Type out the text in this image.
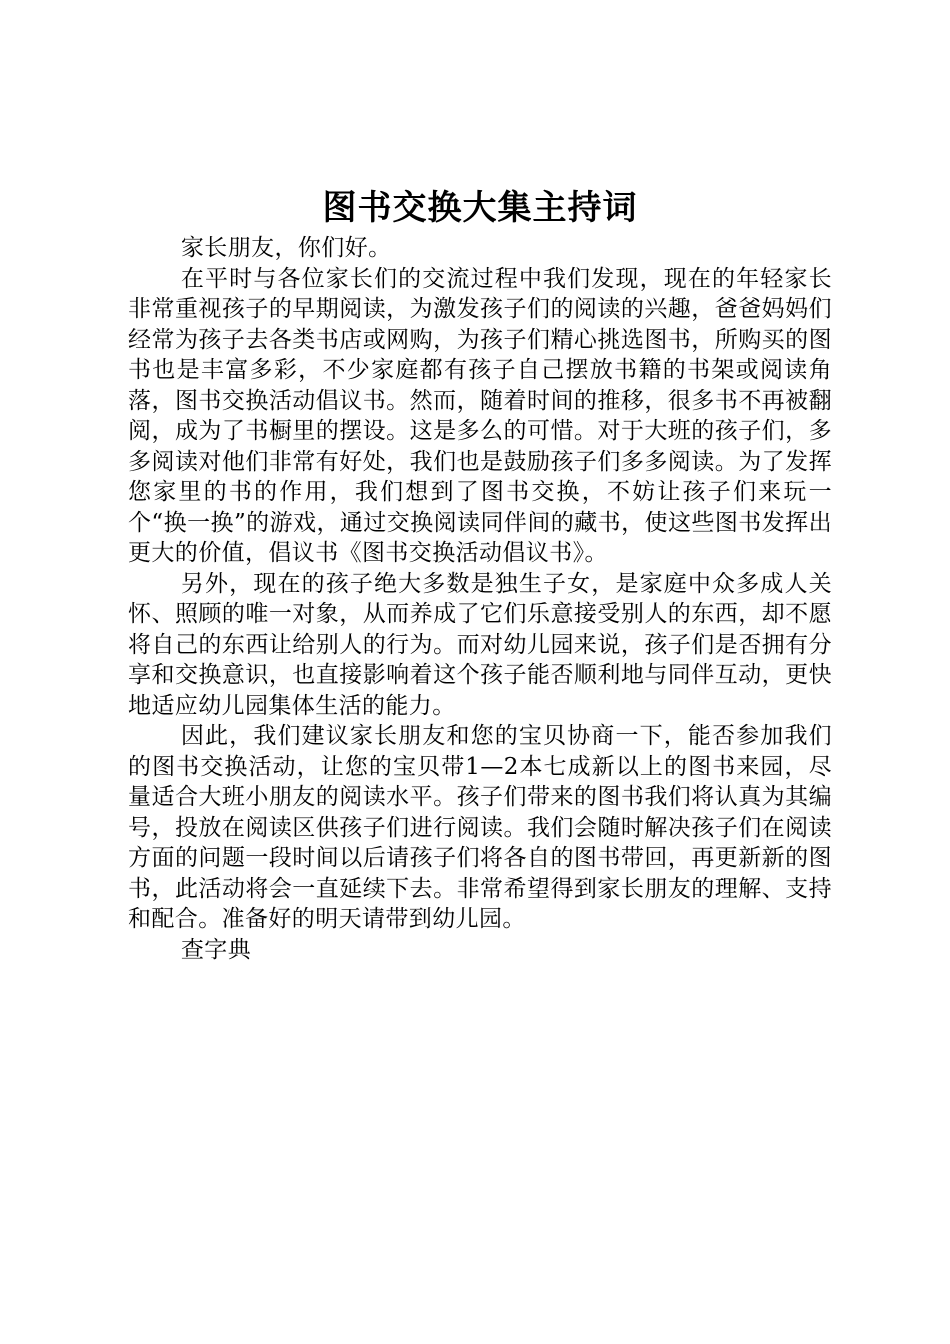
图书交换大集主持词

家长朋友，你们好。

在平时与各位家长们的交流过程中我们发现，现在的年轻家长非常重视孩子的早期阅读，为激发孩子们的阅读的兴趣，爸爸妈妈们经常为孩子去各类书店或网购，为孩子们精心挑选图书，所购买的图书也是丰富多彩，不少家庭都有孩子自己摆放书籍的书架或阅读角落，图书交换活动倡议书。然而，随着时间的推移，很多书不再被翻阅，成为了书橱里的摆设。这是多么的可惜。对于大班的孩子们，多多阅读对他们非常有好处，我们也是鼓励孩子们多多阅读。为了发挥您家里的书的作用，我们想到了图书交换，不妨让孩子们来玩一个“换一换”的游戏，通过交换阅读同伴间的藏书，使这些图书发挥出更大的价值，倡议书《图书交换活动倡议书》。

另外，现在的孩子绝大多数是独生子女，是家庭中众多成人关怀、照顾的唯一对象，从而养成了它们乐意接受别人的东西，却不愿将自己的东西让给别人的行为。而对幼儿园来说，孩子们是否拥有分享和交换意识，也直接影响着这个孩子能否顺利地与同伴互动，更快地适应幼儿园集体生活的能力。

因此，我们建议家长朋友和您的宝贝协商一下，能否参加我们的图书交换活动，让您的宝贝带1—2本七成新以上的图书来园，尽量适合大班小朋友的阅读水平。孩子们带来的图书我们将认真为其编号，投放在阅读区供孩子们进行阅读。我们会随时解决孩子们在阅读方面的问题一段时间以后请孩子们将各自的图书带回，再更新新的图书，此活动将会一直延续下去。非常希望得到家长朋友的理解、支持和配合。准备好的明天请带到幼儿园。

查字典
